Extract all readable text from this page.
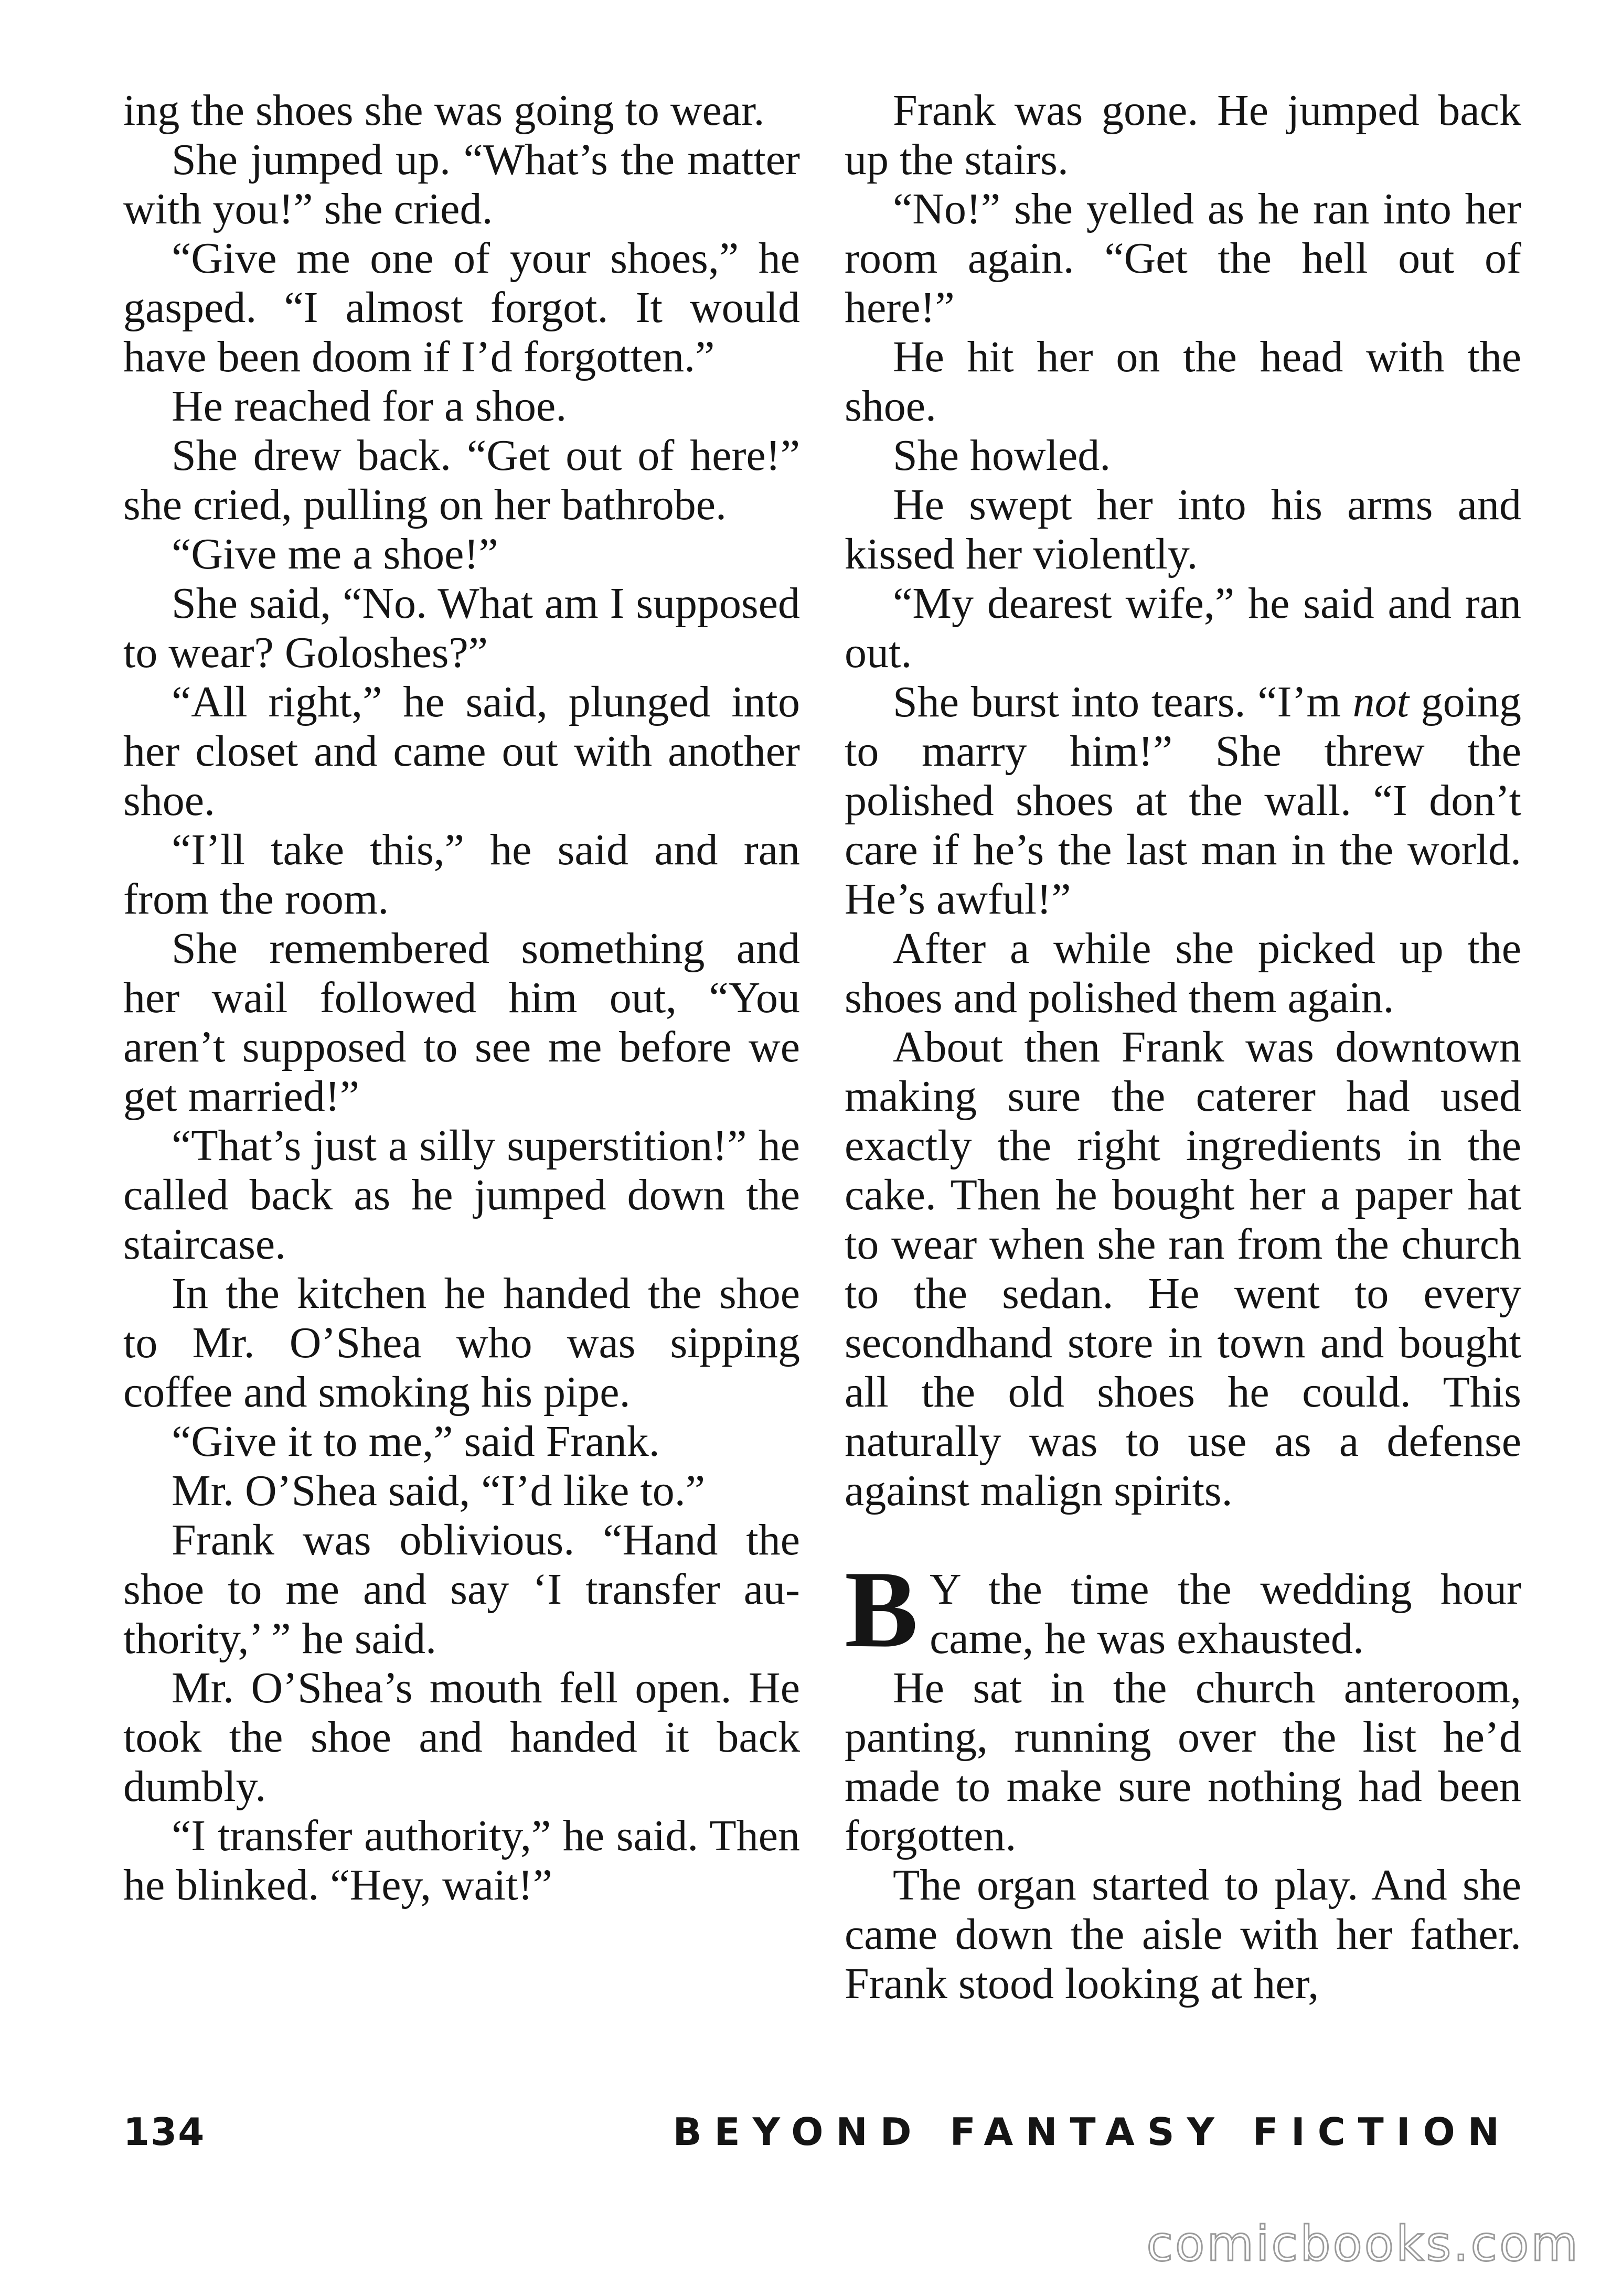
ing the shoes she was going to wear.

She jumped up. “What’s the matter with you!” she cried.

“Give me one of your shoes,” he gasped. “I almost forgot. It would have been doom if I’d forgotten.”

He reached for a shoe.

She drew back. “Get out of here!” she cried, pulling on her bathrobe.

“Give me a shoe!”

She said, “No. What am I supposed to wear? Goloshes?”

“All right,” he said, plunged into her closet and came out with another shoe.

“I’ll take this,” he said and ran from the room.

She remembered something and her wail followed him out, “You aren’t supposed to see me before we get married!”

“That’s just a silly superstition!” he called back as he jumped down the staircase.

In the kitchen he handed the shoe to Mr. O’Shea who was sipping coffee and smoking his pipe.

“Give it to me,” said Frank.

Mr. O’Shea said, “I’d like to.”

Frank was oblivious. “Hand the shoe to me and say ‘I transfer authority,’ ” he said.

Mr. O’Shea’s mouth fell open. He took the shoe and handed it back dumbly.

“I transfer authority,” he said. Then he blinked. “Hey, wait!”

Frank was gone. He jumped back up the stairs.

“No!” she yelled as he ran into her room again. “Get the hell out of here!”

He hit her on the head with the shoe.

She howled.

He swept her into his arms and kissed her violently.

“My dearest wife,” he said and ran out.

She burst into tears. “I’m not going to marry him!” She threw the polished shoes at the wall. “I don’t care if he’s the last man in the world. He’s awful!”

After a while she picked up the shoes and polished them again.

About then Frank was downtown making sure the caterer had used exactly the right ingredients in the cake. Then he bought her a paper hat to wear when she ran from the church to the sedan. He went to every secondhand store in town and bought all the old shoes he could. This naturally was to use as a defense against malign spirits.

B Y the time the wedding hour came, he was exhausted.

He sat in the church anteroom, panting, running over the list he’d made to make sure nothing had been forgotten.

The organ started to play. And she came down the aisle with her father. Frank stood looking at her,

134	BEYOND FANTASY FICTION
comicbooks.com
